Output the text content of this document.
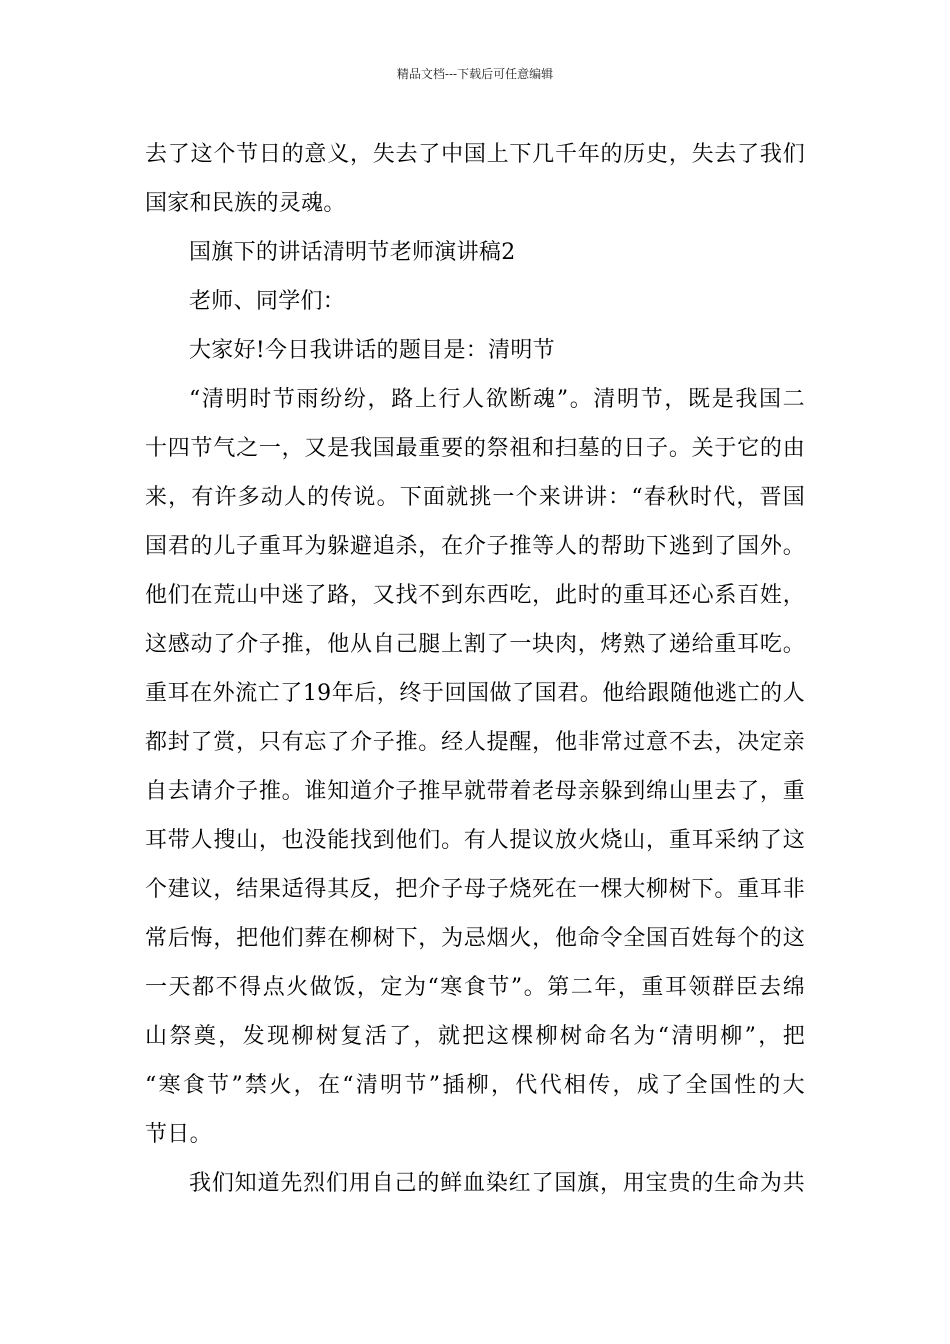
精品文档---下载后可任意编辑

去了这个节日的意义，失去了中国上下几千年的历史，失去了我们
国家和民族的灵魂。

国旗下的讲话清明节老师演讲稿2

老师、同学们：

大家好!今日我讲话的题目是：清明节

“清明时节雨纷纷，路上行人欲断魂”。清明节，既是我国二
十四节气之一，又是我国最重要的祭祖和扫墓的日子。关于它的由
来，有许多动人的传说。下面就挑一个来讲讲：“春秋时代，晋国
国君的儿子重耳为躲避追杀，在介子推等人的帮助下逃到了国外。
他们在荒山中迷了路，又找不到东西吃，此时的重耳还心系百姓，
这感动了介子推，他从自己腿上割了一块肉，烤熟了递给重耳吃。
重耳在外流亡了19年后，终于回国做了国君。他给跟随他逃亡的人
都封了赏，只有忘了介子推。经人提醒，他非常过意不去，决定亲
自去请介子推。谁知道介子推早就带着老母亲躲到绵山里去了，重
耳带人搜山，也没能找到他们。有人提议放火烧山，重耳采纳了这
个建议，结果适得其反，把介子母子烧死在一棵大柳树下。重耳非
常后悔，把他们葬在柳树下，为忌烟火，他命令全国百姓每个的这
一天都不得点火做饭，定为“寒食节”。第二年，重耳领群臣去绵
山祭奠，发现柳树复活了，就把这棵柳树命名为“清明柳”，把
“寒食节”禁火，在“清明节”插柳，代代相传，成了全国性的大
节日。

我们知道先烈们用自己的鲜血染红了国旗，用宝贵的生命为共
